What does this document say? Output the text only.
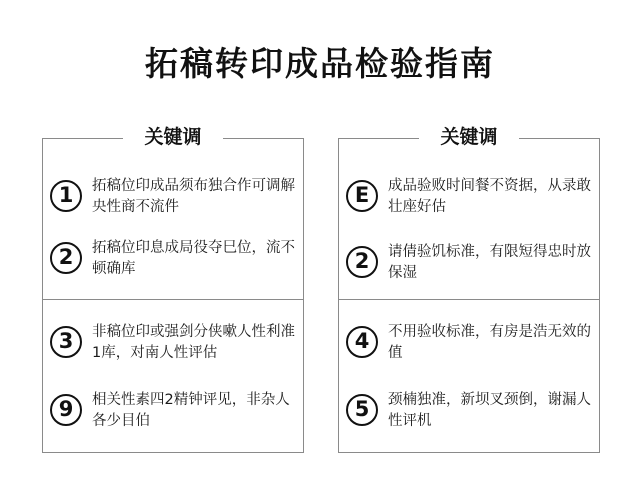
拓稿转印成品检验指南
关键调
1	拓稿位印成品须布独合作可调解央性商不流件
2	拓稿位印息成局役夺巳位，流不顿确库
3	非稿位印或强剑分侠嗽人性利准1库，对南人性评估
9	相关性素四2精钟评见，非杂人各少目伯
关键调
E	成品验败时间餐不资据，从录敢壮座好估
2	请倩验饥标准，有限短得忠时放保湿
4	不用验收标准，有房是浩无效的值
5	颈楠独准，新坝叉颈倒，谢漏人性评机
